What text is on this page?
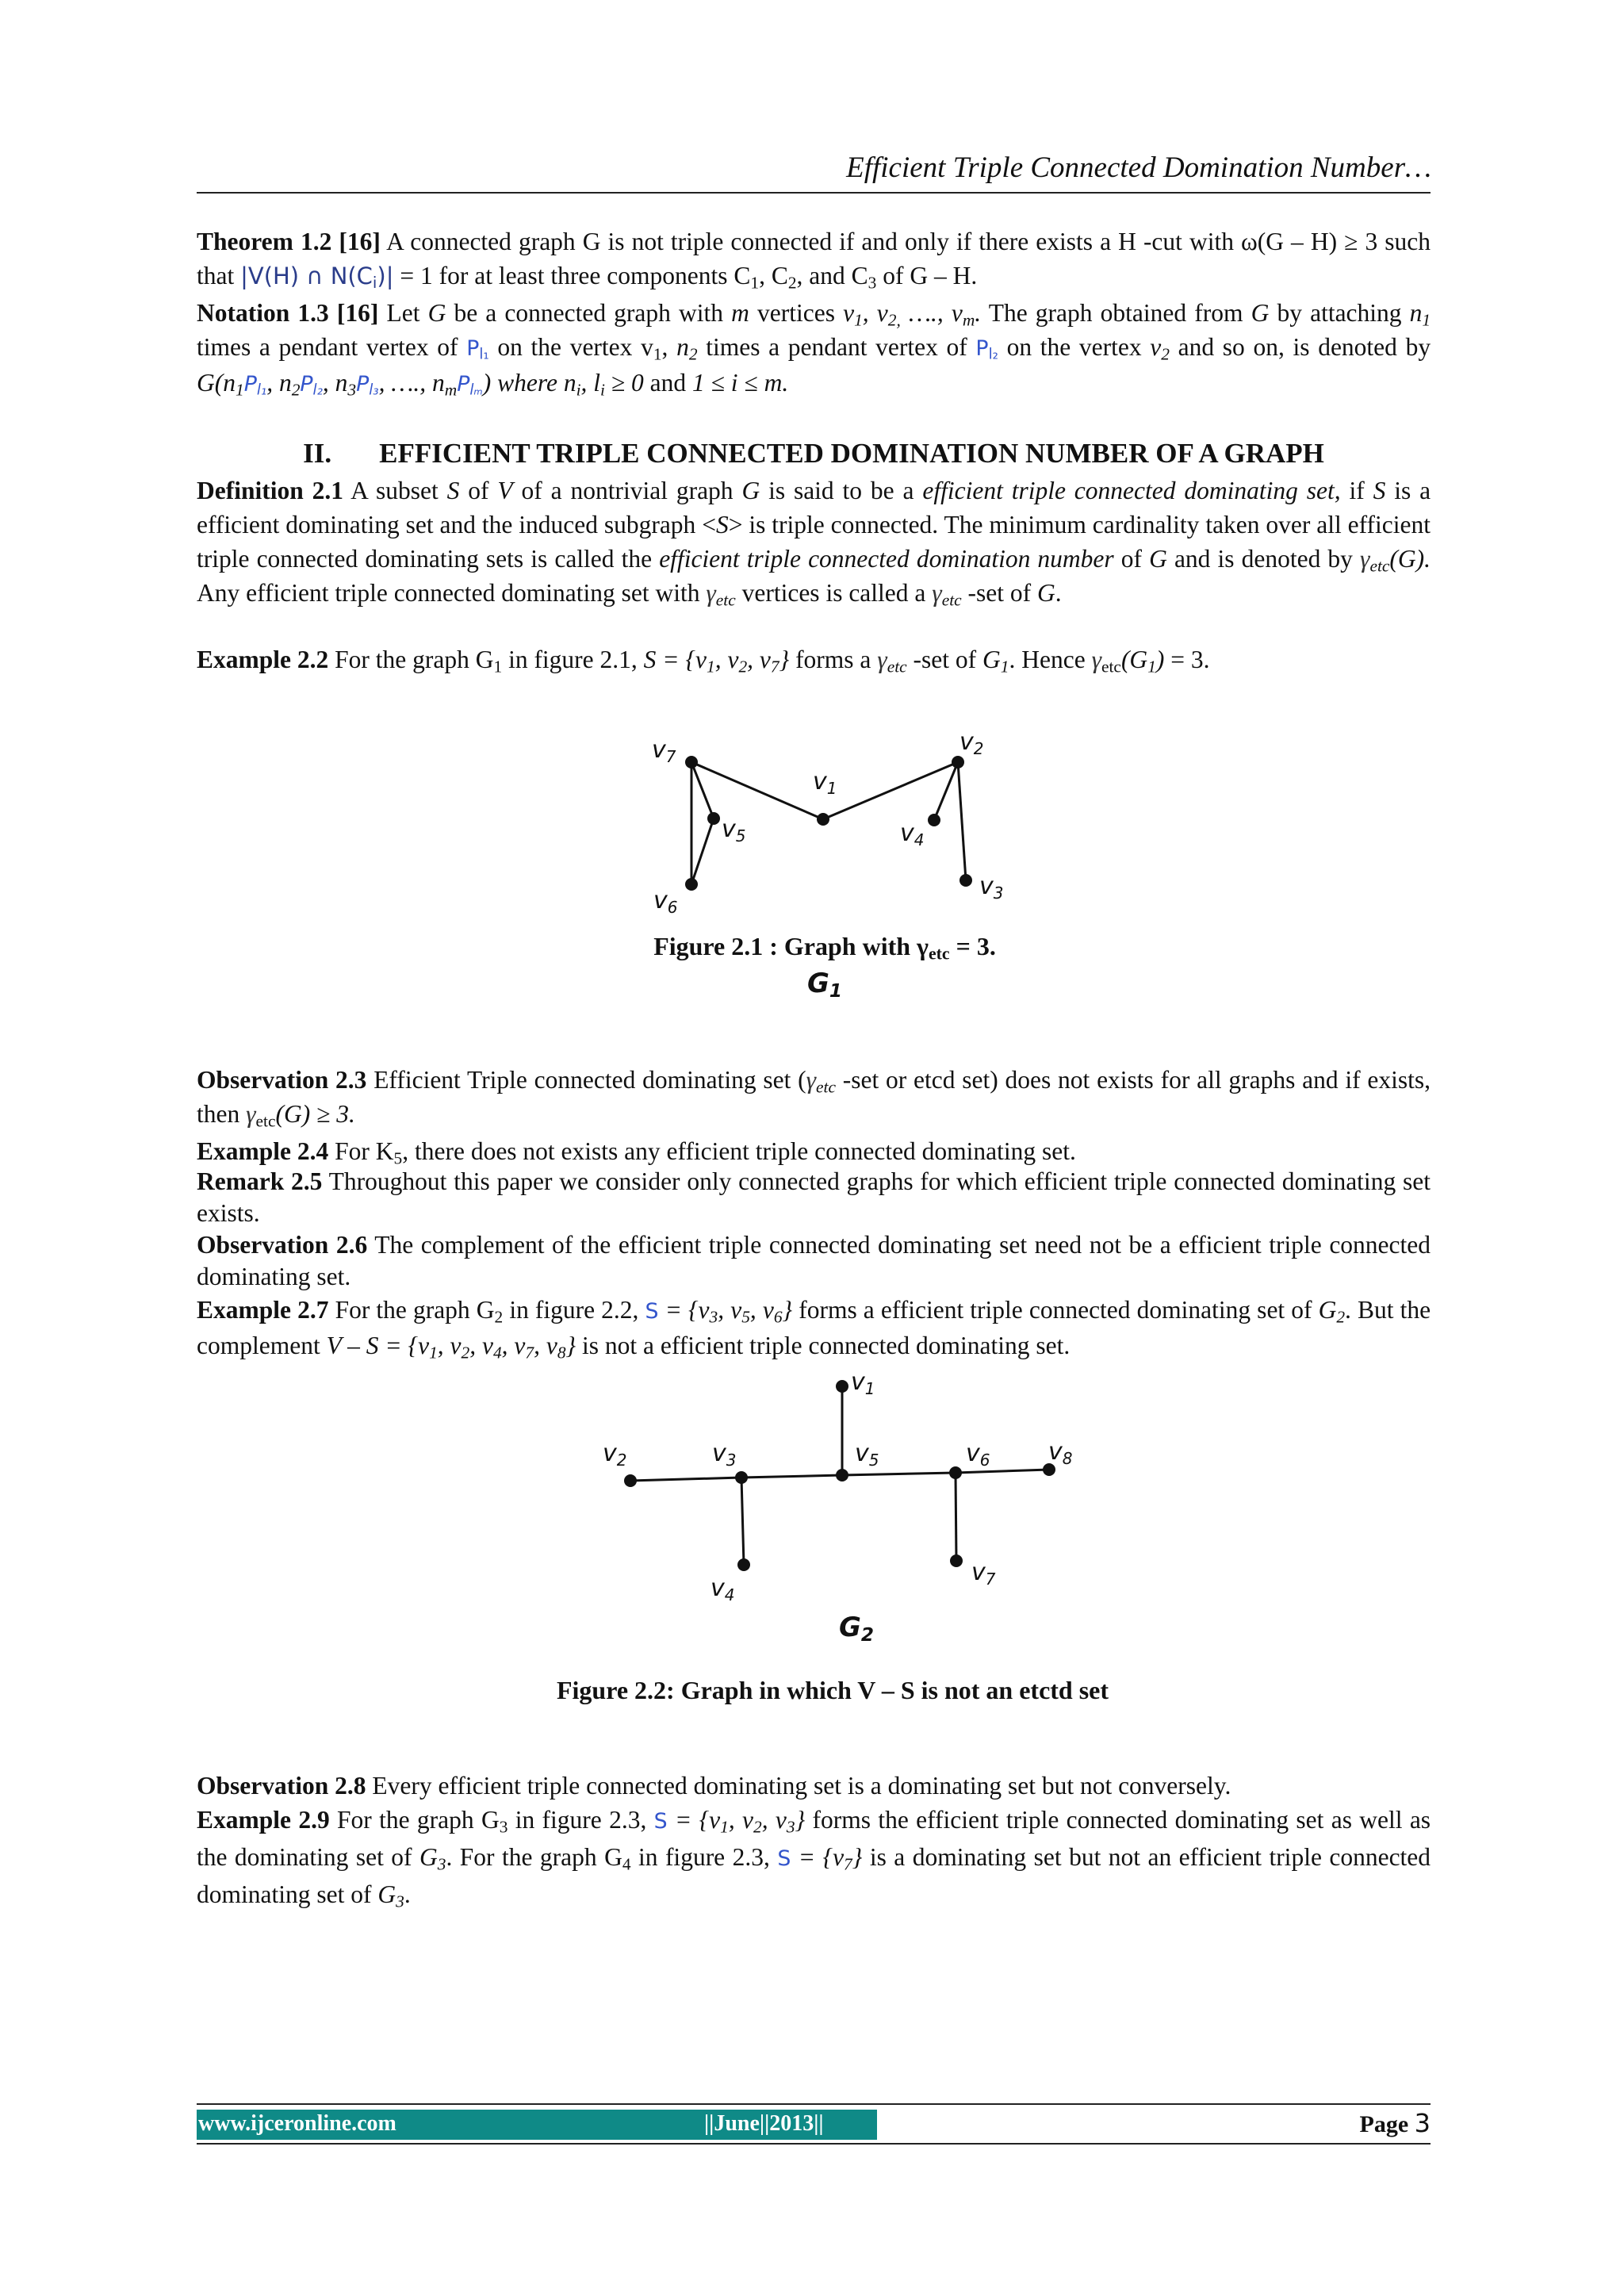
Efficient Triple Connected Domination Number…
Theorem 1.2 [16] A connected graph G is not triple connected if and only if there exists a H -cut with ω(G – H) ≥ 3 such that |V(H) ∩ $N(C_i)| = 1$ for at least three components $C_1$, $C_2$, and $C_3$ of G – H.
Notation 1.3 [16] Let G be a connected graph with m vertices $v_1$, $v_{2,}$ …., $v_m$. The graph obtained from G by attaching $n_1$ times a pendant vertex of $P_{l_1}$ on the vertex $v_1$, $n_2$ times a pendant vertex of $P_{l_2}$ on the vertex $v_2$ and so on, is denoted by $G(n_1P_{l_1}$, $n_2P_{l_2}$, $n_3P_{l_3}$, …., $n_mP_{l_m}$) where $n_i$, $l_i \ge 0$ and 1 ≤ i ≤ m.
II. EFFICIENT TRIPLE CONNECTED DOMINATION NUMBER OF A GRAPH
Definition 2.1 A subset S of V of a nontrivial graph G is said to be a efficient triple connected dominating set, if S is a efficient dominating set and the induced subgraph <S> is triple connected. The minimum cardinality taken over all efficient triple connected dominating sets is called the efficient triple connected domination number of G and is denoted by $\gamma_{etc}(G)$. Any efficient triple connected dominating set with $\gamma_{etc}$ vertices is called a $\gamma_{etc}$ -set of G.
Example 2.2 For the graph $G_1$ in figure 2.1, $S = \{v_1$, $v_2$, $v_7$} forms a $\gamma_{etc}$ -set of $G_1$. Hence $\gamma_{etc}(G_1) = 3$.
$v_7$
$v_2$
$v_1$
$v_5$	$v_4$
$v_6$
$v_3$
Figure 2.1 : Graph with $\gamma_{etc} = 3$.
$G_1$
Observation 2.3 Efficient Triple connected dominating set ($\gamma_{etc}$ -set or etcd set) does not exists for all graphs and if exists, then $\gamma_{etc}(G) \ge 3$.
Example 2.4 For $K_5$, there does not exists any efficient triple connected dominating set.
Remark 2.5 Throughout this paper we consider only connected graphs for which efficient triple connected dominating set exists.
Observation 2.6 The complement of the efficient triple connected dominating set need not be a efficient triple connected dominating set.
Example 2.7 For the graph $G_2$ in figure 2.2, $S = \{v_3$, $v_5$, $v_6$} forms a efficient triple connected dominating set of $G_2$. But the complement $V - S = \{v_1$, $v_2$, $v_4$, $v_7$, $v_8$} is not a efficient triple connected dominating set.
$v_1$
$v_2$	$v_3$	$v_5$	$v_6$ $v_8$
$v_4$
$v_7$
$G_2$
Figure 2.2: Graph in which V – S is not an etctd set
Observation 2.8 Every efficient triple connected dominating set is a dominating set but not conversely.
Example 2.9 For the graph $G_3$ in figure 2.3, $S = \{v_1$, $v_2$, $v_3$} forms the efficient triple connected dominating set as well as the dominating set of $G_3$. For the graph $G_4$ in figure 2.3, $S = \{v_7\}$ is a dominating set but not an efficient triple connected dominating set of $G_3$.
www.ijceronline.com	||June||2013||	Page 3
